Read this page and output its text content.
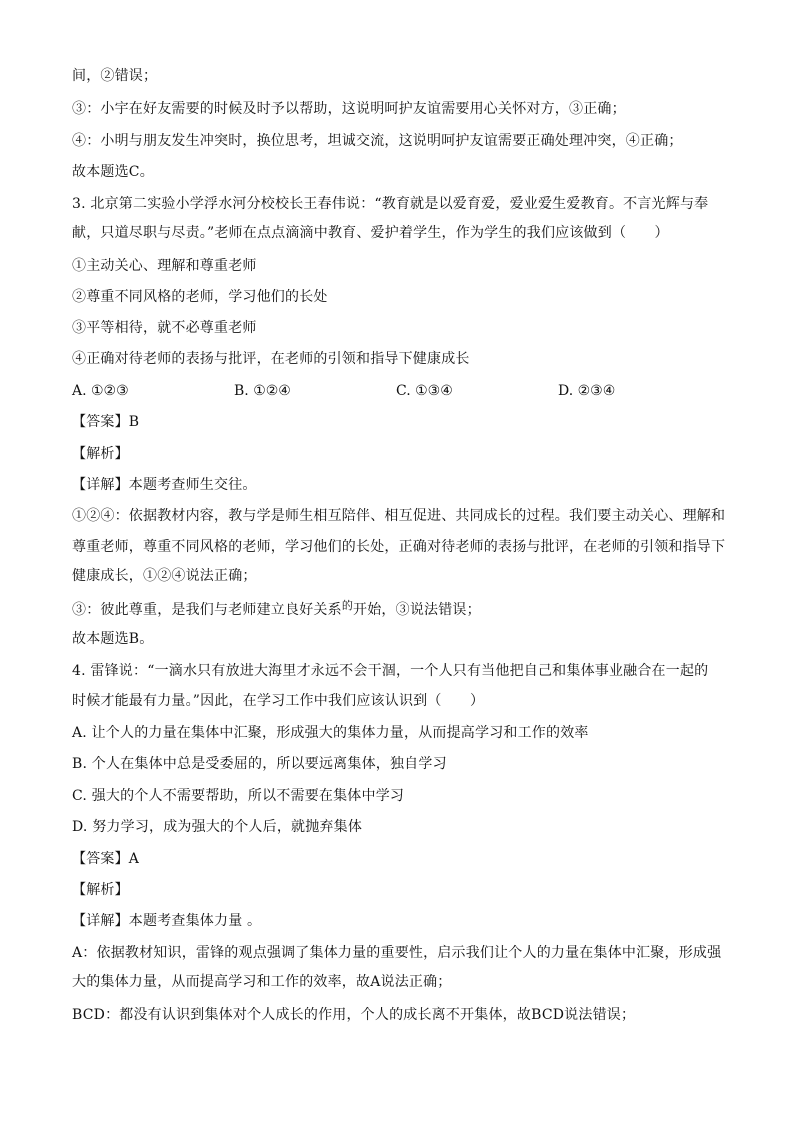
间，②错误；
③：小宇在好友需要的时候及时予以帮助，这说明呵护友谊需要用心关怀对方，③正确；
④：小明与朋友发生冲突时，换位思考，坦诚交流，这说明呵护友谊需要正确处理冲突，④正确；
故本题选C。
3. 北京第二实验小学浮水河分校校长王春伟说：“教育就是以爱育爱，爱业爱生爱教育。不言光辉与奉
献，只道尽职与尽责。”老师在点点滴滴中教育、爱护着学生，作为学生的我们应该做到（　　）
①主动关心、理解和尊重老师
②尊重不同风格的老师，学习他们的长处
③平等相待，就不必尊重老师
④正确对待老师的表扬与批评，在老师的引领和指导下健康成长
A. ①②③	B. ①②④	C. ①③④	D. ②③④
【答案】B
【解析】
【详解】本题考查师生交往。
①②④：依据教材内容，教与学是师生相互陪伴、相互促进、共同成长的过程。我们要主动关心、理解和
尊重老师，尊重不同风格的老师，学习他们的长处，正确对待老师的表扬与批评，在老师的引领和指导下
健康成长，①②④说法正确；
③：彼此尊重，是我们与老师建立良好关系$^的$开始，③说法错误；
故本题选B。
4. 雷锋说：“一滴水只有放进大海里才永远不会干涸，一个人只有当他把自己和集体事业融合在一起的
时候才能最有力量。”因此，在学习工作中我们应该认识到（　　）
A. 让个人的力量在集体中汇聚，形成强大的集体力量，从而提高学习和工作的效率
B. 个人在集体中总是受委屈的，所以要远离集体，独自学习
C. 强大的个人不需要帮助，所以不需要在集体中学习
D. 努力学习，成为强大的个人后，就抛弃集体
【答案】A
【解析】
【详解】本题考查集体力量 。
A：依据教材知识，雷锋的观点强调了集体力量的重要性，启示我们让个人的力量在集体中汇聚，形成强
大的集体力量，从而提高学习和工作的效率，故A说法正确；
BCD：都没有认识到集体对个人成长的作用，个人的成长离不开集体，故BCD说法错误；
